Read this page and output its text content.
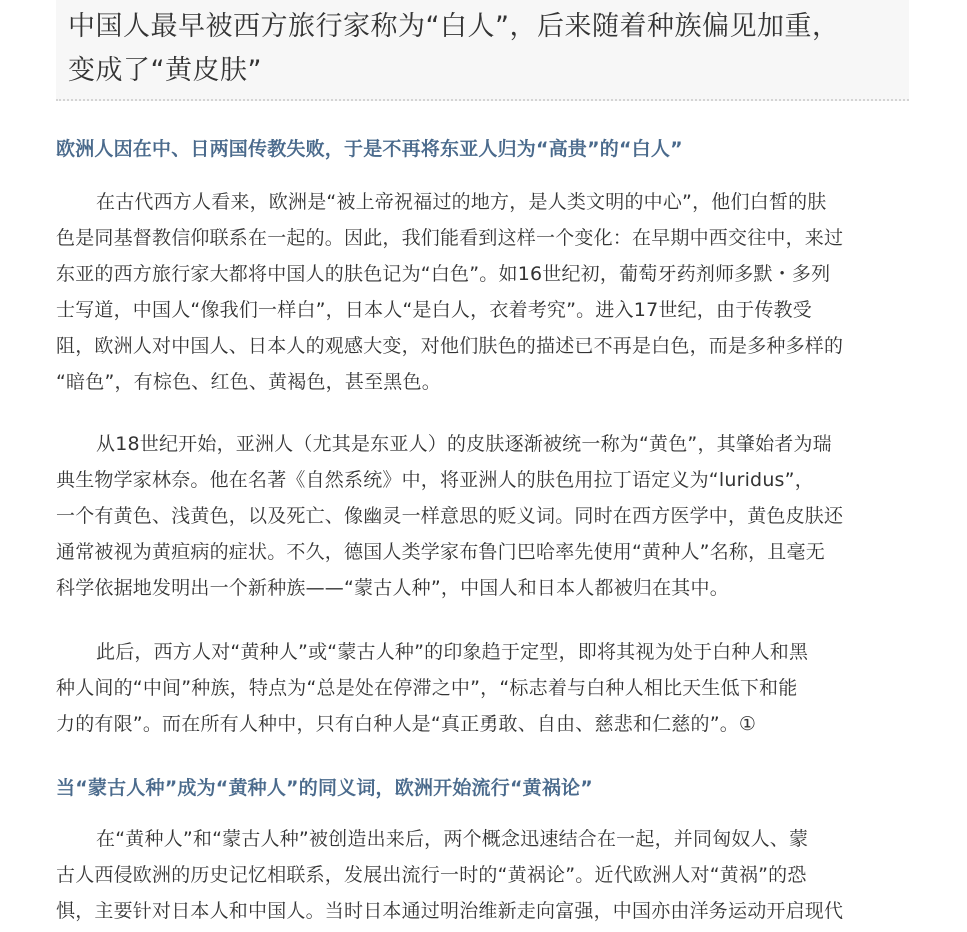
中国人最早被西方旅行家称为“白人”，后来随着种族偏见加重，
变成了“黄皮肤”
欧洲人因在中、日两国传教失败，于是不再将东亚人归为“高贵”的“白人”
在古代西方人看来，欧洲是“被上帝祝福过的地方，是人类文明的中心”，他们白皙的肤
色是同基督教信仰联系在一起的。因此，我们能看到这样一个变化：在早期中西交往中，来过
东亚的西方旅行家大都将中国人的肤色记为“白色”。如16世纪初，葡萄牙药剂师多默・多列
士写道，中国人“像我们一样白”，日本人“是白人，衣着考究”。进入17世纪，由于传教受
阻，欧洲人对中国人、日本人的观感大变，对他们肤色的描述已不再是白色，而是多种多样的
“暗色”，有棕色、红色、黄褐色，甚至黑色。
从18世纪开始，亚洲人（尤其是东亚人）的皮肤逐渐被统一称为“黄色”，其肇始者为瑞
典生物学家林奈。他在名著《自然系统》中，将亚洲人的肤色用拉丁语定义为“luridus”，
一个有黄色、浅黄色，以及死亡、像幽灵一样意思的贬义词。同时在西方医学中，黄色皮肤还
通常被视为黄疸病的症状。不久，德国人类学家布鲁门巴哈率先使用“黄种人”名称，且毫无
科学依据地发明出一个新种族——“蒙古人种”，中国人和日本人都被归在其中。
此后，西方人对“黄种人”或“蒙古人种”的印象趋于定型，即将其视为处于白种人和黑
种人间的“中间”种族，特点为“总是处在停滞之中”，“标志着与白种人相比天生低下和能
力的有限”。而在所有人种中，只有白种人是“真正勇敢、自由、慈悲和仁慈的”。①
当“蒙古人种”成为“黄种人”的同义词，欧洲开始流行“黄祸论”
在“黄种人”和“蒙古人种”被创造出来后，两个概念迅速结合在一起，并同匈奴人、蒙
古人西侵欧洲的历史记忆相联系，发展出流行一时的“黄祸论”。近代欧洲人对“黄祸”的恐
惧，主要针对日本人和中国人。当时日本通过明治维新走向富强，中国亦由洋务运动开启现代
